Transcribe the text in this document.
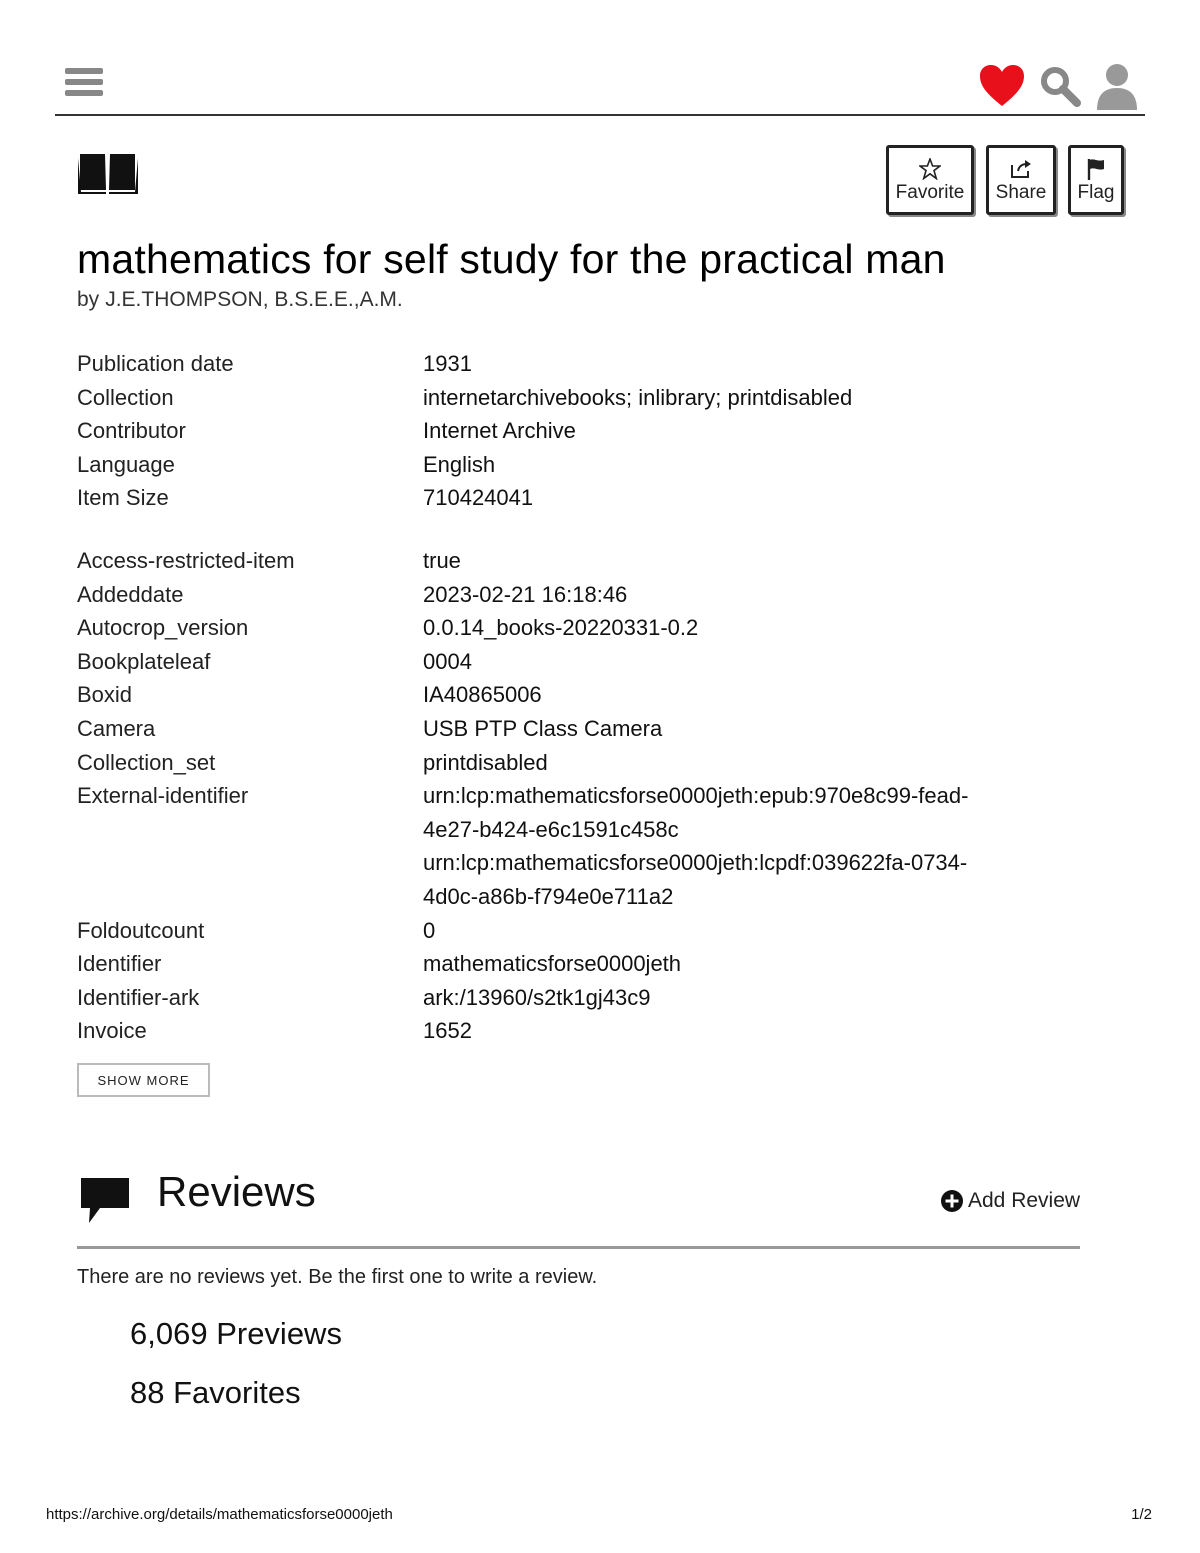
Favorite Share Flag
mathematics for self study for the practical man
by J.E.THOMPSON, B.S.E.E.,A.M.
Publication date	1931
Collection	internetarchivebooks; inlibrary; printdisabled
Contributor	Internet Archive
Language	English
Item Size	710424041
Access-restricted-item	true
Addeddate	2023-02-21 16:18:46
Autocrop_version	0.0.14_books-20220331-0.2
Bookplateleaf	0004
Boxid	IA40865006
Camera	USB PTP Class Camera
Collection_set	printdisabled
External-identifier	urn:lcp:mathematicsforse0000jeth:epub:970e8c99-fead-
4e27-b424-e6c1591c458c
urn:lcp:mathematicsforse0000jeth:lcpdf:039622fa-0734-
4d0c-a86b-f794e0e711a2
Foldoutcount	0
Identifier	mathematicsforse0000jeth
Identifier-ark	ark:/13960/s2tk1gj43c9
Invoice	1652
SHOW MORE
Reviews	Add Review
There are no reviews yet. Be the first one to write a review.
6,069 Previews
88 Favorites
https://archive.org/details/mathematicsforse0000jeth	1/2
